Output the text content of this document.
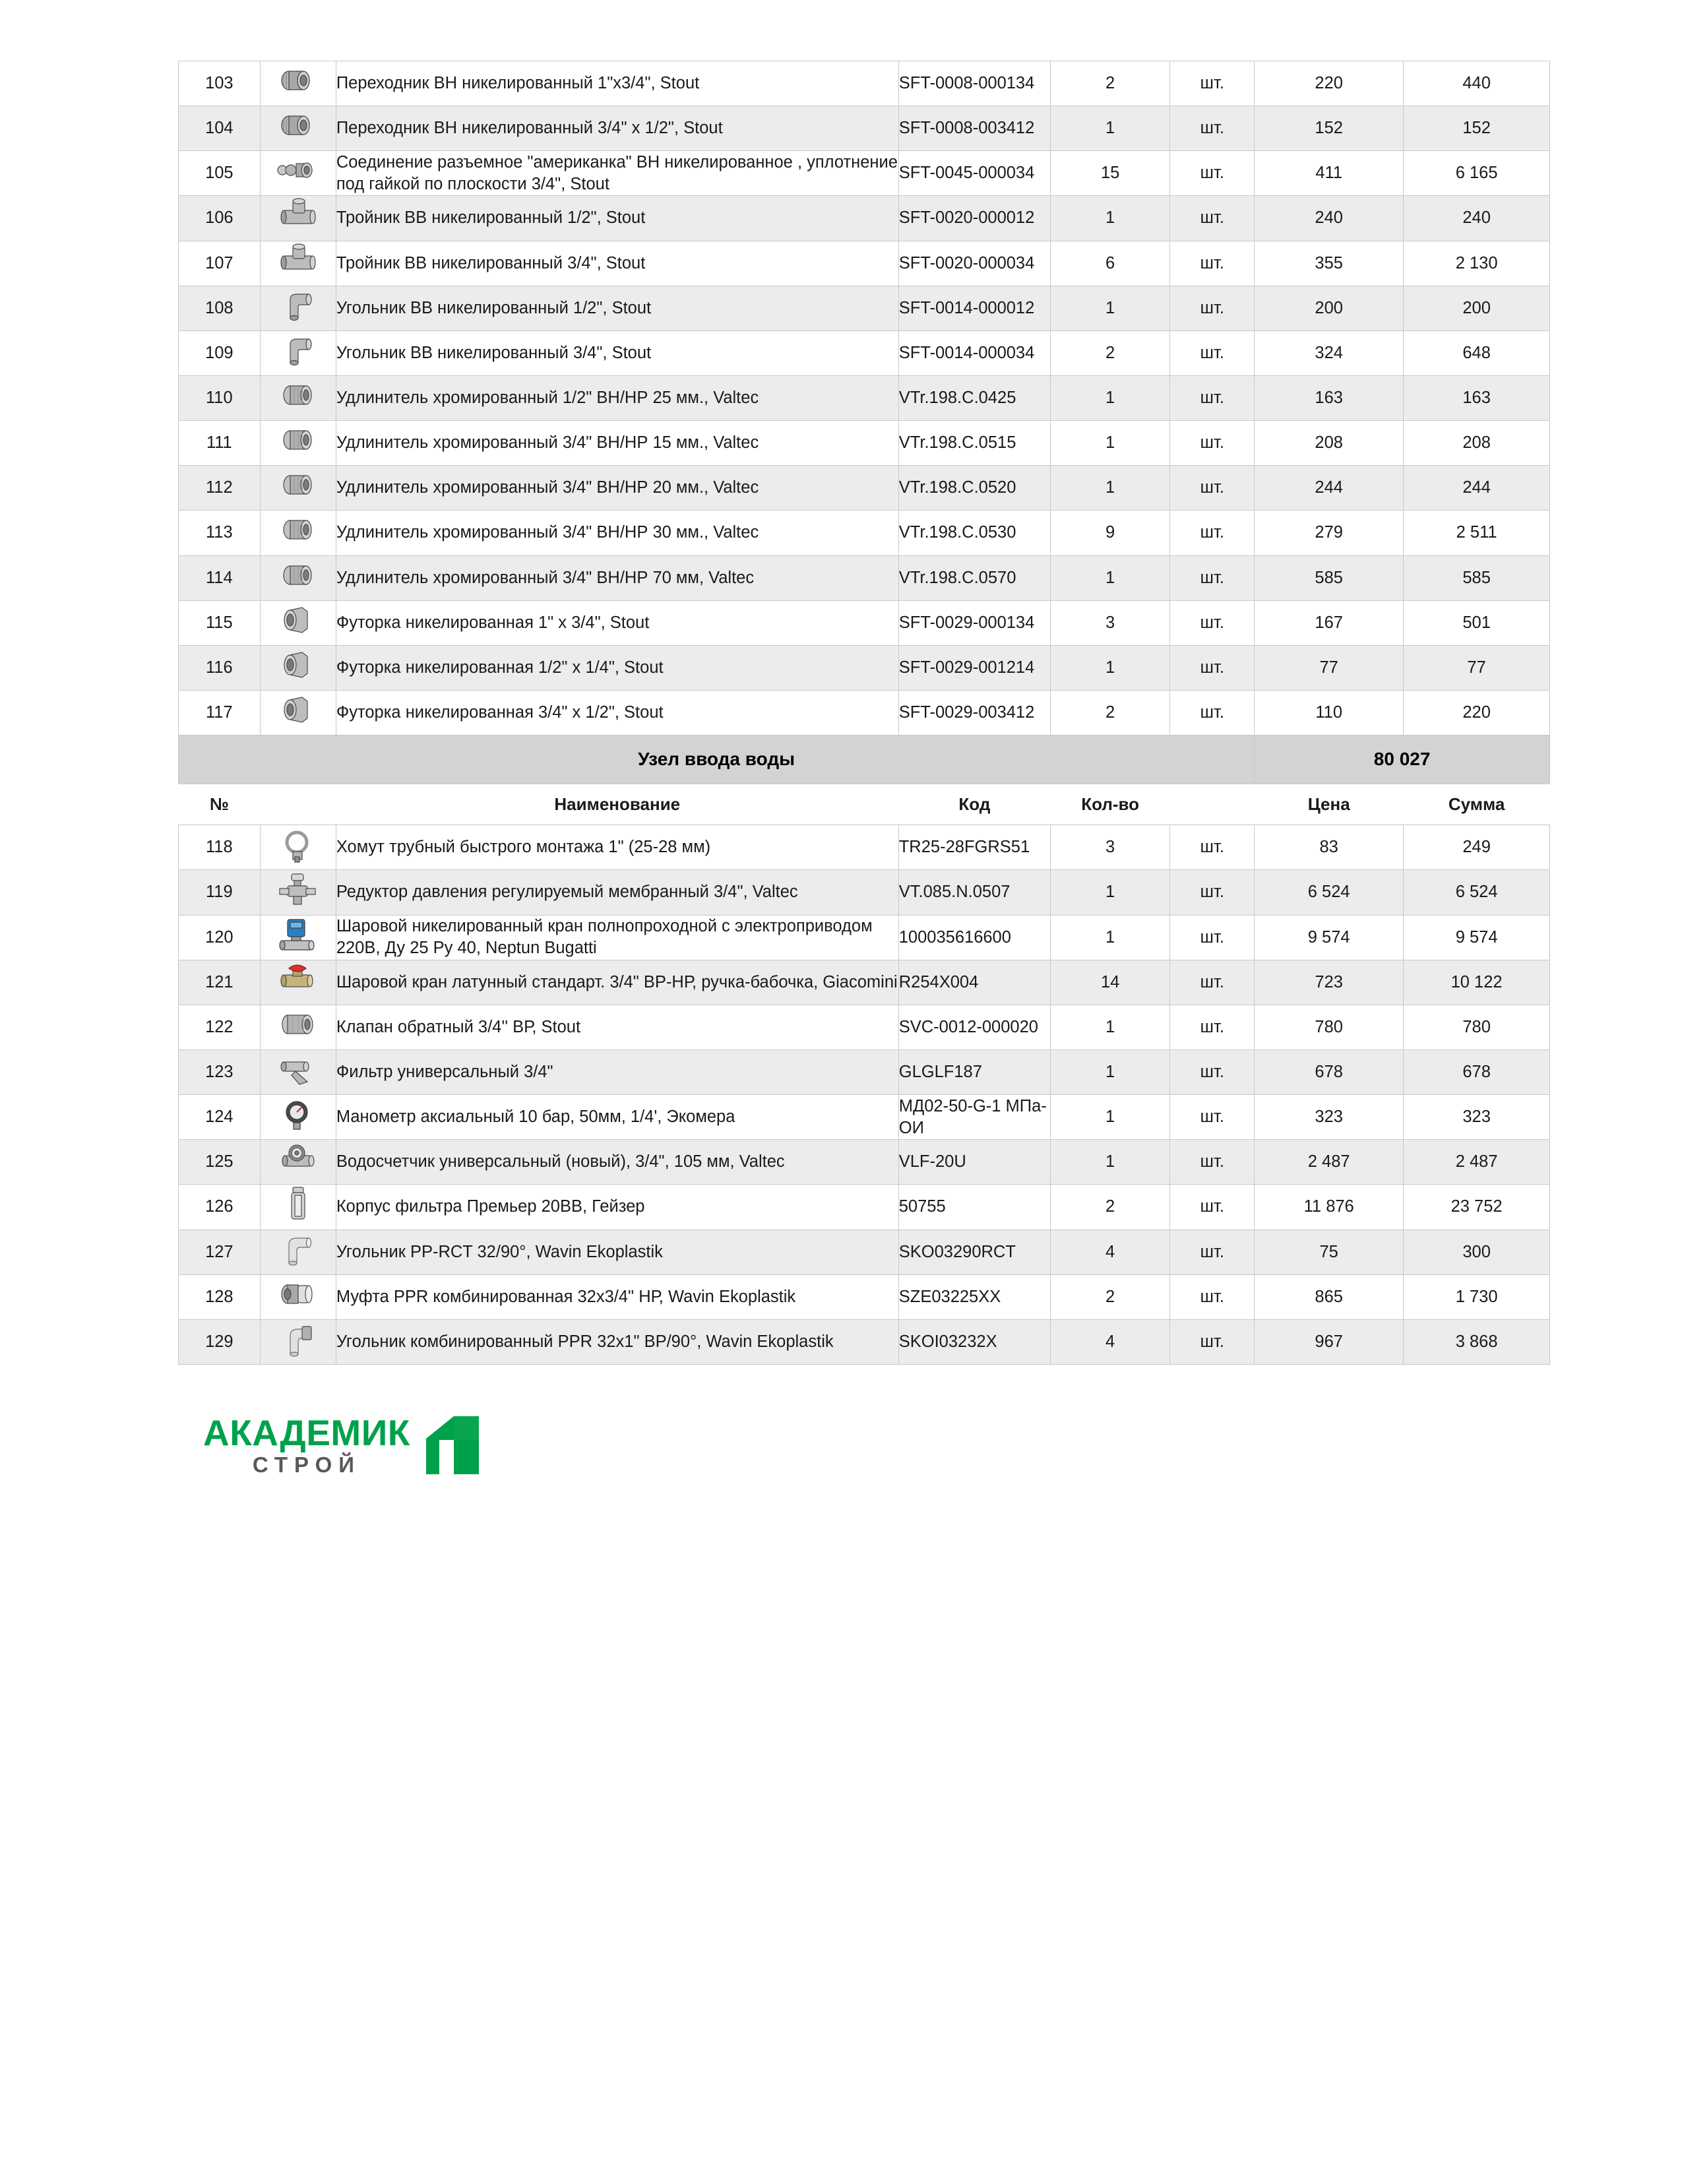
103		Переходник ВН никелированный 1"х3/4", Stout	SFT-0008-000134	2	шт.	220	440
104		Переходник ВН никелированный 3/4" х 1/2", Stout	SFT-0008-003412	1	шт.	152	152
105		Соединение разъемное "американка" ВН никелированное , уплотнение под гайкой по плоскости 3/4", Stout	SFT-0045-000034	15	шт.	411	6 165
106		Тройник ВВ никелированный 1/2", Stout	SFT-0020-000012	1	шт.	240	240
107		Тройник ВВ никелированный 3/4", Stout	SFT-0020-000034	6	шт.	355	2 130
108		Угольник ВВ никелированный 1/2", Stout	SFT-0014-000012	1	шт.	200	200
109		Угольник ВВ никелированный 3/4", Stout	SFT-0014-000034	2	шт.	324	648
110		Удлинитель хромированный 1/2" ВН/НР 25 мм., Valtec	VTr.198.C.0425	1	шт.	163	163
111		Удлинитель хромированный 3/4" ВН/НР 15 мм., Valtec	VTr.198.C.0515	1	шт.	208	208
112		Удлинитель хромированный 3/4" ВН/НР 20 мм., Valtec	VTr.198.C.0520	1	шт.	244	244
113		Удлинитель хромированный 3/4" ВН/НР 30 мм., Valtec	VTr.198.C.0530	9	шт.	279	2 511
114		Удлинитель хромированный 3/4" ВН/НР 70 мм, Valtec	VTr.198.C.0570	1	шт.	585	585
115		Футорка никелированная 1" х 3/4", Stout	SFT-0029-000134	3	шт.	167	501
116		Футорка никелированная 1/2" х 1/4", Stout	SFT-0029-001214	1	шт.	77	77
117		Футорка никелированная 3/4" х 1/2", Stout	SFT-0029-003412	2	шт.	110	220
Узел ввода воды						80 027	
№		Наименование	Код	Кол-во		Цена	Сумма
118		Хомут трубный быстрого монтажа 1" (25-28 мм)	TR25-28FGRS51	3	шт.	83	249
119		Редуктор давления регулируемый мембранный 3/4", Valtec	VT.085.N.0507	1	шт.	6 524	6 524
120		Шаровой никелированный кран полнопроходной с электроприводом 220В, Ду 25 Ру 40, Neptun Bugatti	100035616600	1	шт.	9 574	9 574
121		Шаровой кран латунный стандарт. 3/4" ВР-НР, ручка-бабочка, Giacomini	R254X004	14	шт.	723	10 122
122		Клапан обратный 3/4'' ВР, Stout	SVC-0012-000020	1	шт.	780	780
123		Фильтр универсальный 3/4"	GLGLF187	1	шт.	678	678
124		Манометр аксиальный 10 бар, 50мм, 1/4', Экомера	МД02-50-G-1 МПа-ОИ	1	шт.	323	323
125		Водосчетчик универсальный (новый), 3/4", 105 мм, Valtec	VLF-20U	1	шт.	2 487	2 487
126		Корпус фильтра Премьер 20ВВ, Гейзер	50755	2	шт.	11 876	23 752
127		Угольник PP-RCT 32/90°, Wavin Ekoplastik	SKO03290RCT	4	шт.	75	300
128		Муфта PPR комбинированная 32х3/4" НР, Wavin Ekoplastik	SZE03225XX	2	шт.	865	1 730
129		Угольник комбинированный PPR 32х1" ВР/90°, Wavin Ekoplastik	SKOI03232X	4	шт.	967	3 868
АКАДЕМИК
СТРОЙ
